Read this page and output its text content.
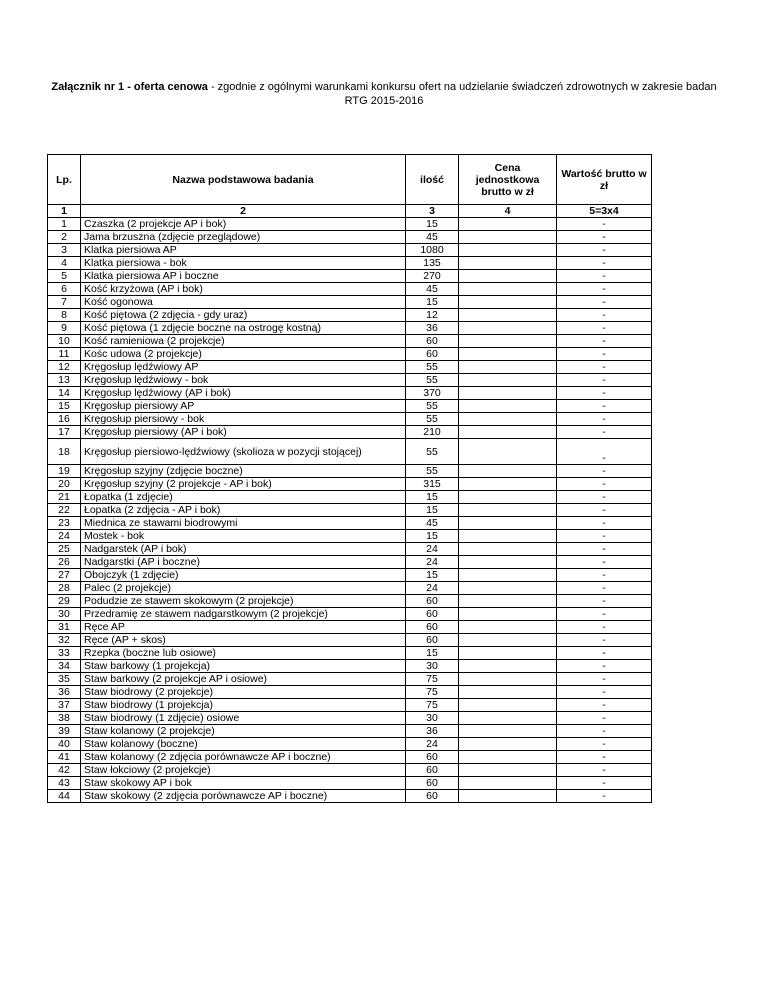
Załącznik nr 1 - oferta cenowa - zgodnie z ogólnymi warunkami konkursu ofert na udzielanie świadczeń zdrowotnych w zakresie badan RTG 2015-2016
Lp.	Nazwa podstawowa badania	ilość	Cena jednostkowa brutto w zł	Wartość brutto w zł
1	2	3	4	5=3x4
1	Czaszka (2 projekcje AP i bok)	15		-
2	Jama brzuszna (zdjęcie przeglądowe)	45		-
3	Klatka piersiowa AP	1080		-
4	Klatka piersiowa - bok	135		-
5	Klatka piersiowa AP i boczne	270		-
6	Kość krzyżowa (AP i bok)	45		-
7	Kość ogonowa	15		-
8	Kość piętowa (2 zdjęcia - gdy uraz)	12		-
9	Kość piętowa (1 zdjęcie boczne na ostrogę kostną)	36		-
10	Kość ramieniowa (2 projekcje)	60		-
11	Kośc udowa (2 projekcje)	60		-
12	Kręgosłup lędźwiowy AP	55		-
13	Kręgosłup lędźwiowy - bok	55		-
14	Kręgosłup lędźwiowy (AP i bok)	370		-
15	Kręgosłup piersiowy AP	55		-
16	Kręgosłup piersiowy - bok	55		-
17	Kręgosłup piersiowy (AP i bok)	210		-
18	Kręgosłup piersiowo-lędźwiowy (skolioza w pozycji stojącej)	55		-
19	Kręgosłup szyjny (zdjęcie boczne)	55		-
20	Kręgosłup szyjny (2 projekcje - AP i bok)	315		-
21	Łopatka (1 zdjęcie)	15		-
22	Łopatka (2 zdjęcia - AP i bok)	15		-
23	Miednica ze stawami biodrowymi	45		-
24	Mostek - bok	15		-
25	Nadgarstek (AP i bok)	24		-
26	Nadgarstki (AP i boczne)	24		-
27	Obojczyk (1 zdjęcie)	15		-
28	Palec (2 projekcje)	24		-
29	Podudzie ze stawem skokowym (2 projekcje)	60		-
30	Przedramię ze stawem nadgarstkowym (2 projekcje)	60		-
31	Ręce AP	60		-
32	Ręce (AP + skos)	60		-
33	Rzepka (boczne lub osiowe)	15		-
34	Staw barkowy (1 projekcja)	30		-
35	Staw barkowy (2 projekcje AP i osiowe)	75		-
36	Staw biodrowy (2 projekcje)	75		-
37	Staw biodrowy (1 projekcja)	75		-
38	Staw biodrowy (1 zdjęcie) osiowe	30		-
39	Staw kolanowy (2 projekcje)	36		-
40	Staw kolanowy (boczne)	24		-
41	Staw kolanowy (2 zdjęcia porównawcze AP i boczne)	60		-
42	Staw łokciowy (2 projekcje)	60		-
43	Staw skokowy AP i bok	60		-
44	Staw skokowy (2 zdjęcia porównawcze AP i boczne)	60		-
